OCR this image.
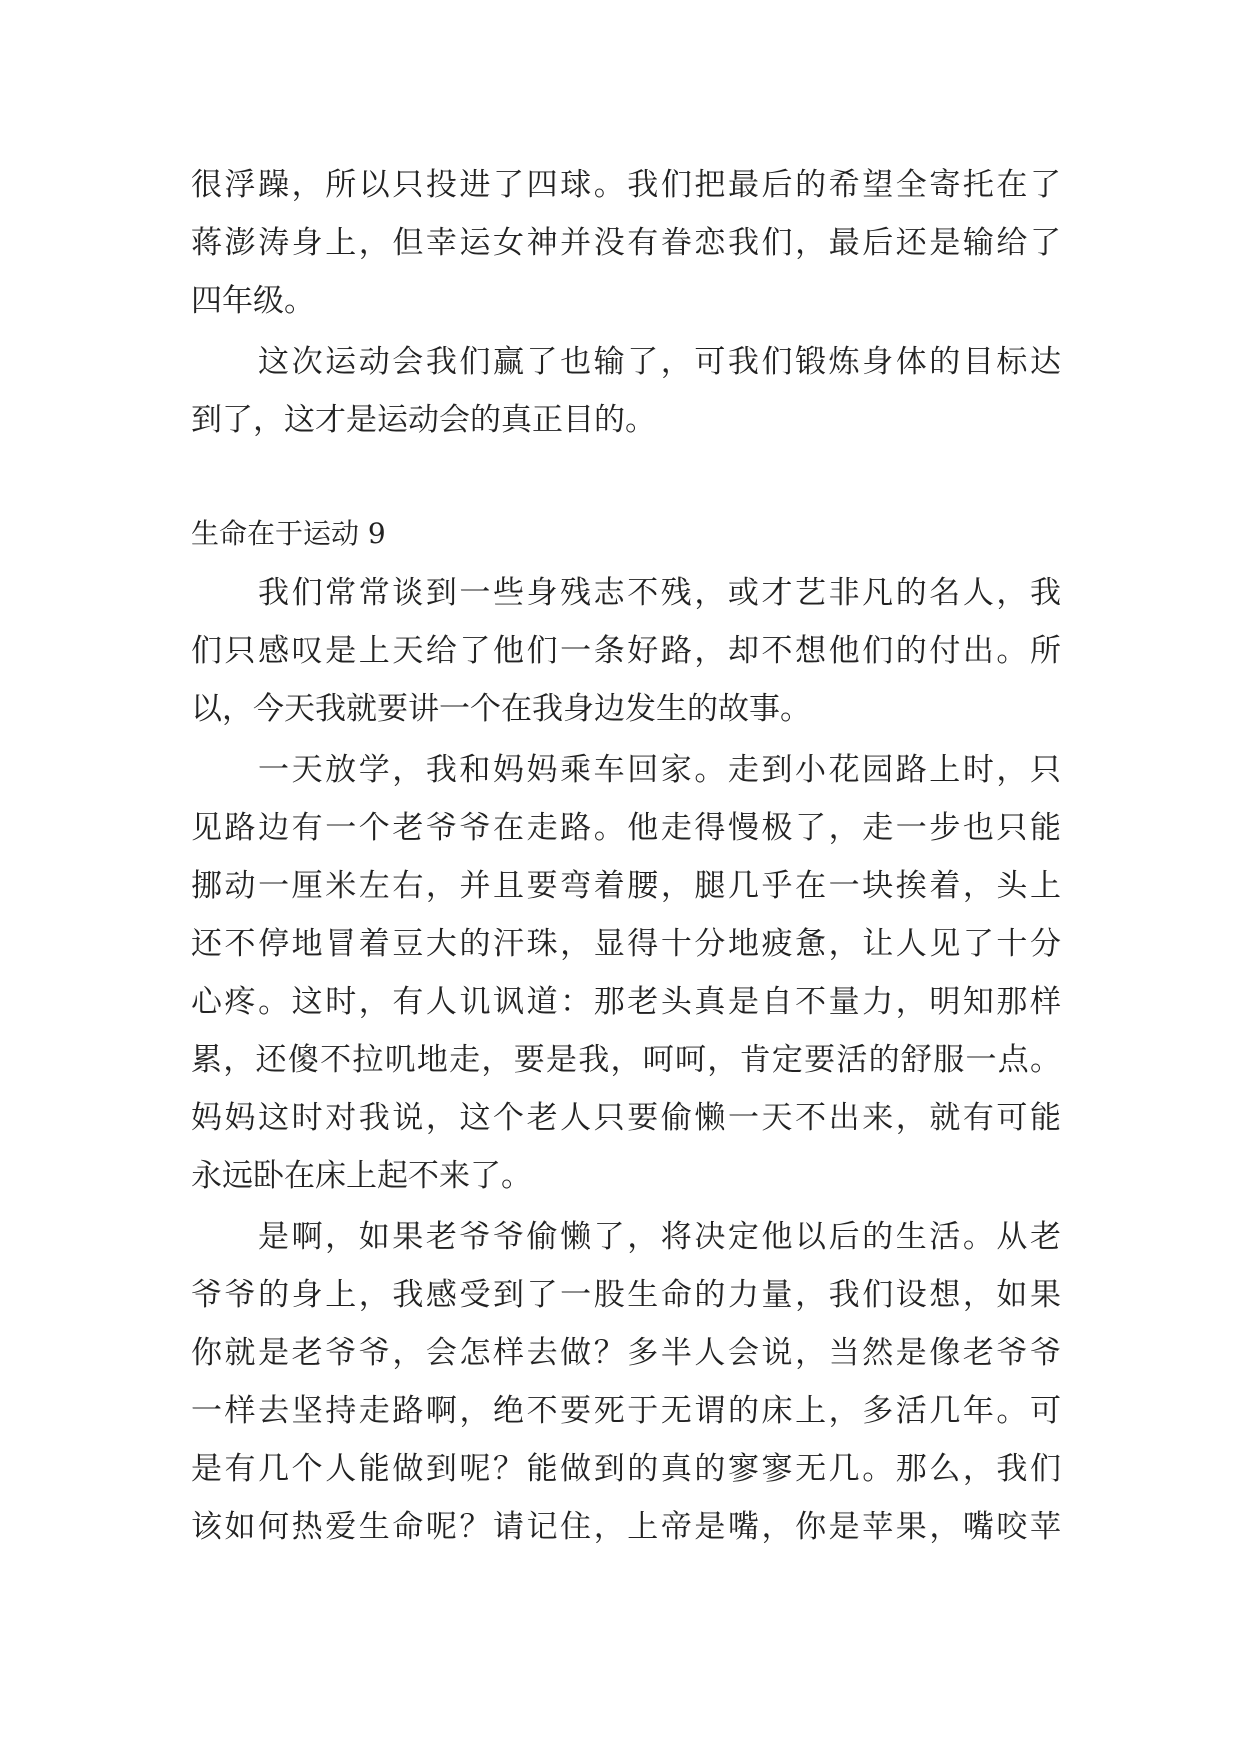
很浮躁，所以只投进了四球。我们把最后的希望全寄托在了
蒋澎涛身上，但幸运女神并没有眷恋我们，最后还是输给了
四年级。
这次运动会我们赢了也输了，可我们锻炼身体的目标达
到了，这才是运动会的真正目的。
生命在于运动 9
我们常常谈到一些身残志不残，或才艺非凡的名人，我
们只感叹是上天给了他们一条好路，却不想他们的付出。所
以，今天我就要讲一个在我身边发生的故事。
一天放学，我和妈妈乘车回家。走到小花园路上时，只
见路边有一个老爷爷在走路。他走得慢极了，走一步也只能
挪动一厘米左右，并且要弯着腰，腿几乎在一块挨着，头上
还不停地冒着豆大的汗珠，显得十分地疲惫，让人见了十分
心疼。这时，有人讥讽道：那老头真是自不量力，明知那样
累，还傻不拉叽地走，要是我，呵呵，肯定要活的舒服一点。
妈妈这时对我说，这个老人只要偷懒一天不出来，就有可能
永远卧在床上起不来了。
是啊，如果老爷爷偷懒了，将决定他以后的生活。从老
爷爷的身上，我感受到了一股生命的力量，我们设想，如果
你就是老爷爷，会怎样去做？多半人会说，当然是像老爷爷
一样去坚持走路啊，绝不要死于无谓的床上，多活几年。可
是有几个人能做到呢？能做到的真的寥寥无几。那么，我们
该如何热爱生命呢？请记住，上帝是嘴，你是苹果，嘴咬苹
